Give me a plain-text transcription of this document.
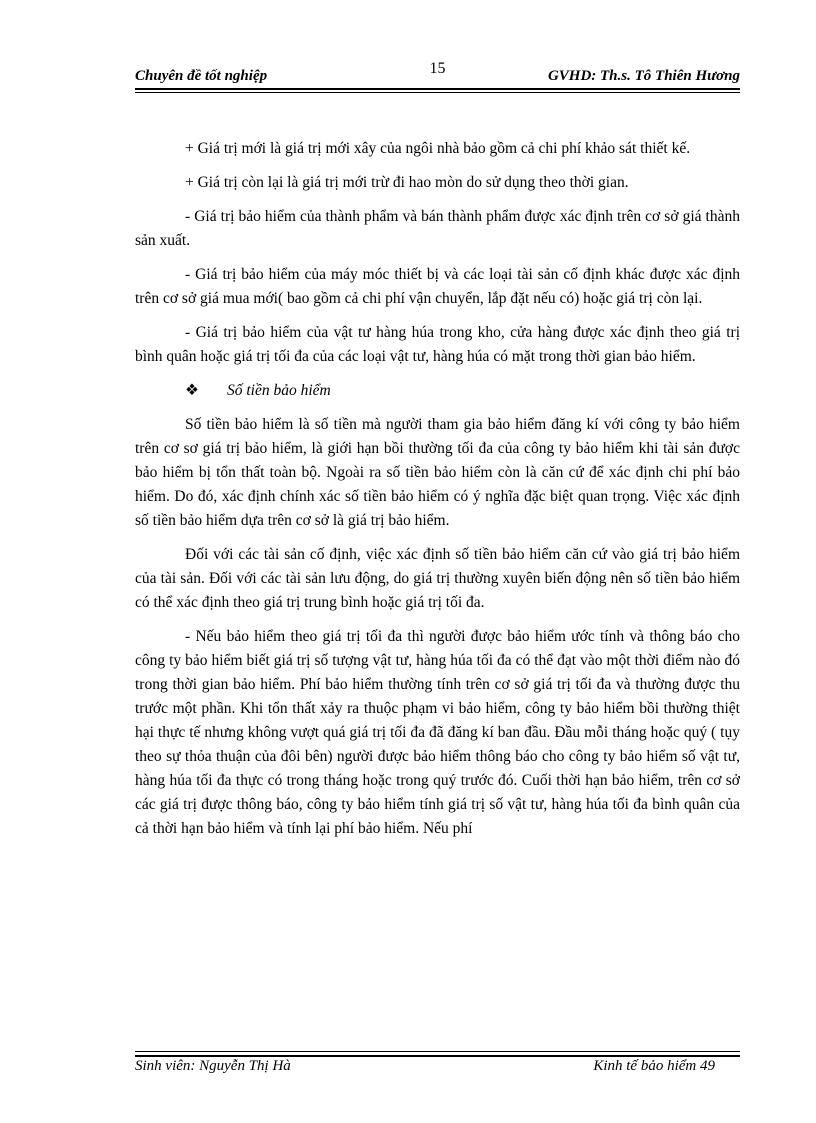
Chuyên đề tốt nghiệp	15	GVHD: Th.s. Tô Thiên Hương

+ Giá trị mới là giá trị mới xây của ngôi nhà bảo gồm cả chi phí khảo sát thiết kế.

+ Giá trị còn lại là giá trị mới trừ đi hao mòn do sử dụng theo thời gian.

- Giá trị bảo hiểm của thành phẩm và bán thành phẩm được xác định trên cơ sở giá thành sản xuất.

- Giá trị bảo hiểm của máy móc thiết bị và các loại tài sản cố định khác được xác định trên cơ sở giá mua mới( bao gồm cả chi phí vận chuyển, lắp đặt nếu có) hoặc giá trị còn lại.

- Giá trị bảo hiểm của vật tư hàng húa trong kho, cửa hàng được xác định theo giá trị bình quân hoặc giá trị tối đa của các loại vật tư, hàng húa có mặt trong thời gian bảo hiểm.

❖ Số tiền bảo hiểm

Số tiền bảo hiểm là số tiền mà người tham gia bảo hiểm đăng kí với công ty bảo hiểm trên cơ sơ giá trị bảo hiểm, là giới hạn bồi thường tối đa của công ty bảo hiểm khi tài sản được bảo hiểm bị tổn thất toàn bộ. Ngoài ra số tiền bảo hiểm còn là căn cứ để xác định chi phí bảo hiểm. Do đó, xác định chính xác số tiền bảo hiểm có ý nghĩa đặc biệt quan trọng. Việc xác định số tiền bảo hiểm dựa trên cơ sở là giá trị bảo hiểm.

Đối với các tài sản cố định, việc xác định số tiền bảo hiểm căn cứ vào giá trị bảo hiểm của tài sản. Đối với các tài sản lưu động, do giá trị thường xuyên biến động nên số tiền bảo hiểm có thể xác định theo giá trị trung bình hoặc giá trị tối đa.

- Nếu bảo hiểm theo giá trị tối đa thì người được bảo hiểm ước tính và thông báo cho công ty bảo hiểm biết giá trị số tượng vật tư, hàng húa tối đa có thể đạt vào một thời điểm nào đó trong thời gian bảo hiểm. Phí bảo hiểm thường tính trên cơ sở giá trị tối đa và thường được thu trước một phần. Khi tổn thất xảy ra thuộc phạm vi bảo hiểm, công ty bảo hiểm bồi thường thiệt hại thực tế nhưng không vượt quá giá trị tối đa đã đăng kí ban đầu. Đầu mỗi tháng hoặc quý ( tụy theo sự thỏa thuận của đôi bên) người được bảo hiểm thông báo cho công ty bảo hiểm số vật tư, hàng húa tối đa thực có trong tháng hoặc trong quý trước đó. Cuối thời hạn bảo hiểm, trên cơ sở các giá trị được thông báo, công ty bảo hiểm tính giá trị số vật tư, hàng húa tối đa bình quân của cả thời hạn bảo hiểm và tính lại phí bảo hiểm. Nếu phí

Sinh viên: Nguyễn Thị Hà	Kinh tế bảo hiểm 49
